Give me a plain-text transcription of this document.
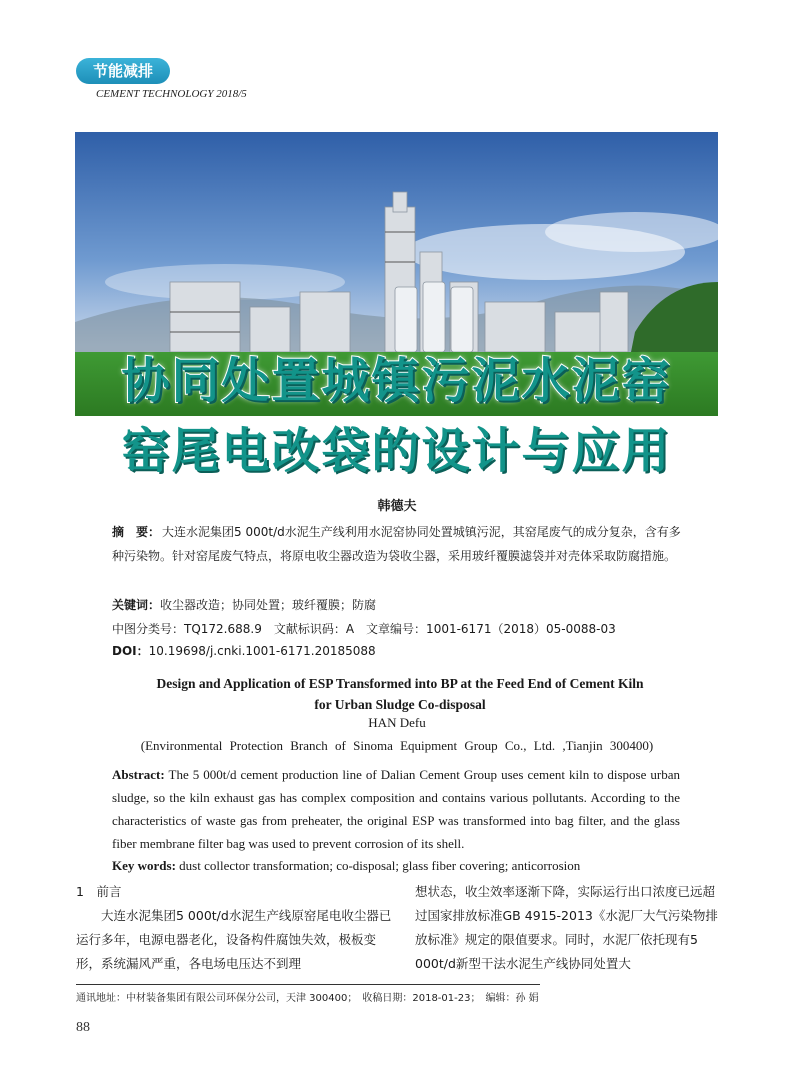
节能减排
CEMENT TECHNOLOGY 2018/5
协同处置城镇污泥水泥窑
窑尾电改袋的设计与应用
韩德夫
摘　要： 大连水泥集团5 000t/d水泥生产线利用水泥窑协同处置城镇污泥，其窑尾废气的成分复杂，含有多种污染物。针对窑尾废气特点，将原电收尘器改造为袋收尘器，采用玻纤覆膜滤袋并对壳体采取防腐措施。
关键词：收尘器改造；协同处置；玻纤覆膜；防腐
中图分类号：TQ172.688.9　文献标识码：A　文章编号：1001-6171（2018）05-0088-03
DOI：10.19698/j.cnki.1001-6171.20185088
Design and Application of ESP Transformed into BP at the Feed End of Cement Kiln
for Urban Sludge Co-disposal
HAN Defu
(Environmental Protection Branch of Sinoma Equipment Group Co., Ltd. ,Tianjin 300400)
Abstract: The 5 000t/d cement production line of Dalian Cement Group uses cement kiln to dispose urban sludge, so the kiln exhaust gas has complex composition and contains various pollutants. According to the characteristics of waste gas from preheater, the original ESP was transformed into bag filter, and the glass fiber membrane filter bag was used to prevent corrosion of its shell.
Key words: dust collector transformation; co-disposal; glass fiber covering; anticorrosion
1　前言
大连水泥集团5 000t/d水泥生产线原窑尾电收尘器已运行多年，电源电器老化，设备构件腐蚀失效，极板变形，系统漏风严重，各电场电压达不到理
想状态，收尘效率逐渐下降，实际运行出口浓度已远超过国家排放标准GB 4915-2013《水泥厂大气污染物排放标准》规定的限值要求。同时，水泥厂依托现有5 000t/d新型干法水泥生产线协同处置大
通讯地址：中材装备集团有限公司环保分公司，天津 300400；　收稿日期：2018-01-23；　编辑：孙 娟
88
